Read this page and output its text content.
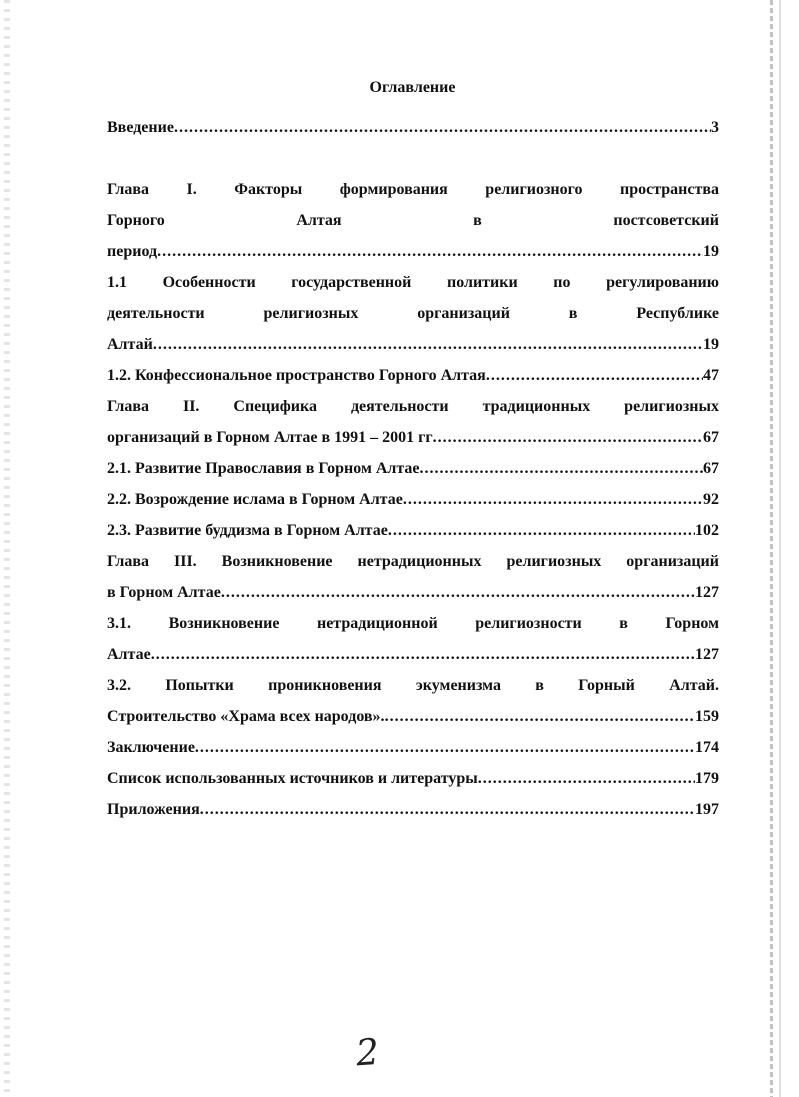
Оглавление
Введение .....	3
Глава I. Факторы формирования религиозного пространства
Горного Алтая в постсоветский
период .....	19
1.1 Особенности государственной политики по регулированию
деятельности религиозных организаций в Республике
Алтай .....	19
1.2. Конфессиональное пространство Горного Алтая .....	47
Глава II. Специфика деятельности традиционных религиозных
организаций в Горном Алтае в 1991 – 2001 гг .....	67
2.1. Развитие Православия в Горном Алтае .....	67
2.2. Возрождение ислама в Горном Алтае .....	92
2.3. Развитие буддизма в Горном Алтае .....	102
Глава III. Возникновение нетрадиционных религиозных организаций
в Горном Алтае .....	127
3.1. Возникновение нетрадиционной религиозности в Горном
Алтае .....	127
3.2. Попытки проникновения экуменизма в Горный Алтай.
Строительство «Храма всех народов». .....	159
Заключение .....	174
Список использованных источников и литературы .....	179
Приложения .....	197
2
